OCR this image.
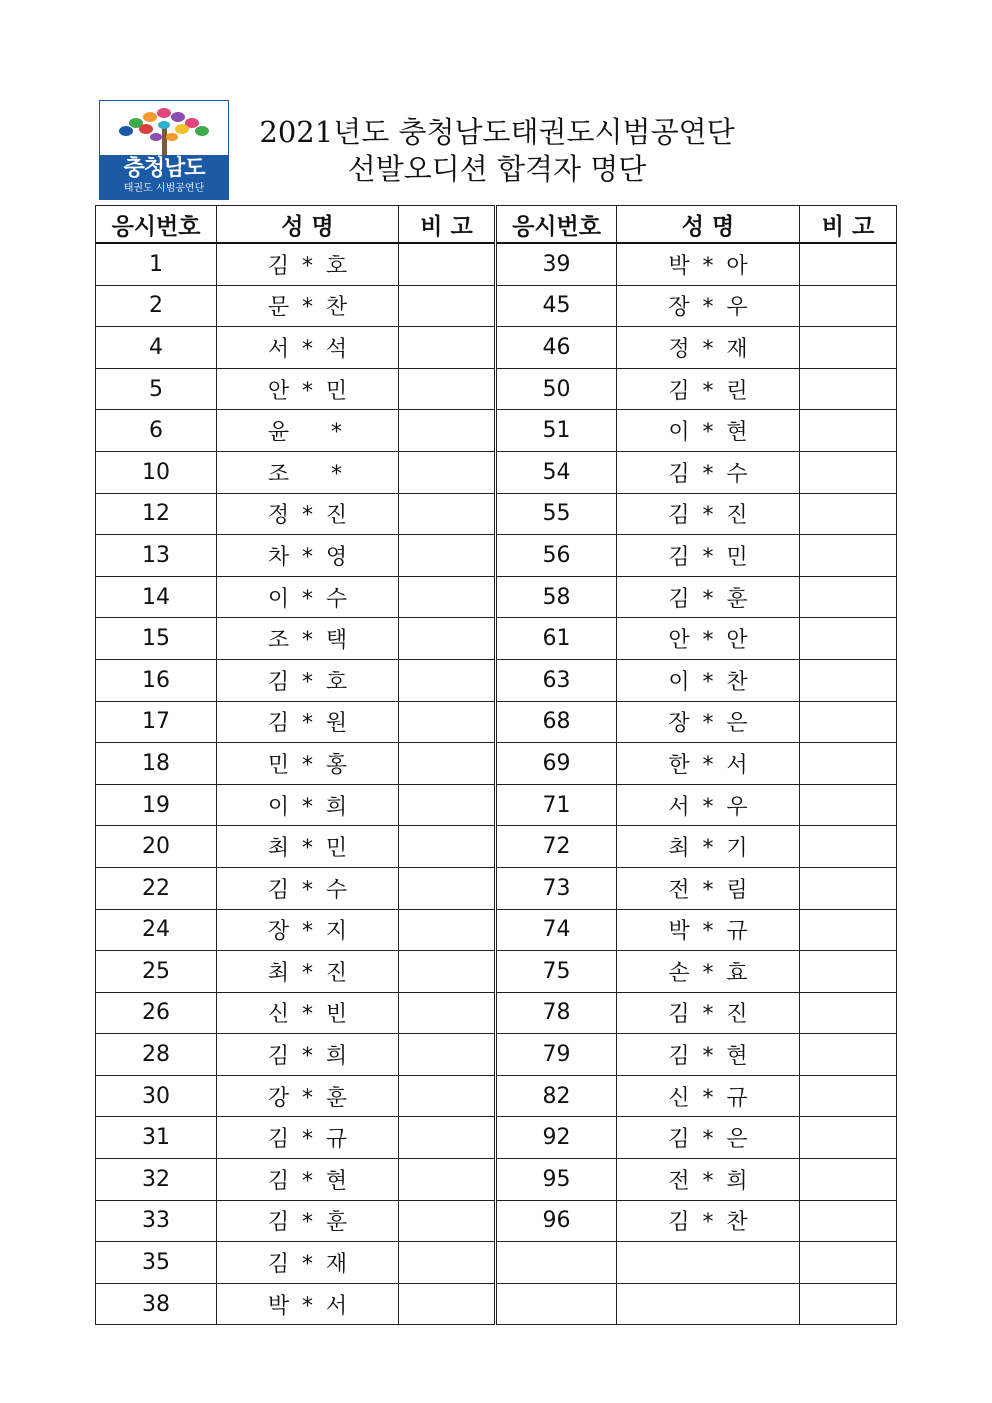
충청남도
태권도 시범공연단
2021년도 충청남도태권도시범공연단
선발오디션 합격자 명단
응시번호	성 명	비 고	응시번호	성 명	비 고
1	김 * 호		39	박 * 아	
2	문 * 찬		45	장 * 우	
4	서 * 석		46	정 * 재	
5	안 * 민		50	김 * 린	
6	윤 *		51	이 * 현	
10	조 *		54	김 * 수	
12	정 * 진		55	김 * 진	
13	차 * 영		56	김 * 민	
14	이 * 수		58	김 * 훈	
15	조 * 택		61	안 * 안	
16	김 * 호		63	이 * 찬	
17	김 * 원		68	장 * 은	
18	민 * 홍		69	한 * 서	
19	이 * 희		71	서 * 우	
20	최 * 민		72	최 * 기	
22	김 * 수		73	전 * 림	
24	장 * 지		74	박 * 규	
25	최 * 진		75	손 * 효	
26	신 * 빈		78	김 * 진	
28	김 * 희		79	김 * 현	
30	강 * 훈		82	신 * 규	
31	김 * 규		92	김 * 은	
32	김 * 현		95	전 * 희	
33	김 * 훈		96	김 * 찬	
35	김 * 재				
38	박 * 서				
